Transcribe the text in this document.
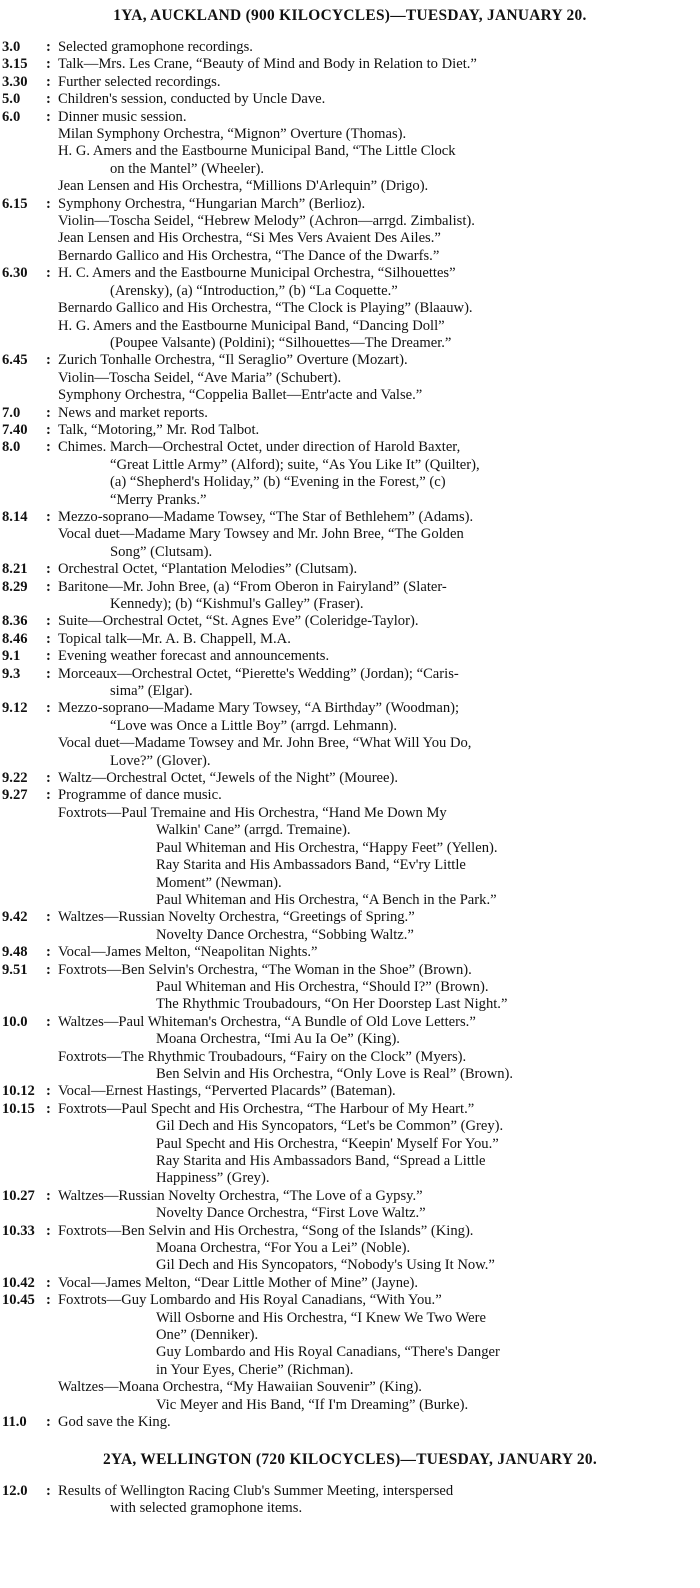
1YA, AUCKLAND (900 KILOCYCLES)—TUESDAY, JANUARY 20.
3.0 : Selected gramophone recordings.
3.15 : Talk—Mrs. Les Crane, “Beauty of Mind and Body in Relation to Diet.”
3.30 : Further selected recordings.
5.0 : Children's session, conducted by Uncle Dave.
6.0 : Dinner music session.
Milan Symphony Orchestra, “Mignon” Overture (Thomas).
H. G. Amers and the Eastbourne Municipal Band, “The Little Clock
on the Mantel” (Wheeler).
Jean Lensen and His Orchestra, “Millions D'Arlequin” (Drigo).
6.15 : Symphony Orchestra, “Hungarian March” (Berlioz).
Violin—Toscha Seidel, “Hebrew Melody” (Achron—arrgd. Zimbalist).
Jean Lensen and His Orchestra, “Si Mes Vers Avaient Des Ailes.”
Bernardo Gallico and His Orchestra, “The Dance of the Dwarfs.”
6.30 : H. C. Amers and the Eastbourne Municipal Orchestra, “Silhouettes”
(Arensky), (a) “Introduction,” (b) “La Coquette.”
Bernardo Gallico and His Orchestra, “The Clock is Playing” (Blaauw).
H. G. Amers and the Eastbourne Municipal Band, “Dancing Doll”
(Poupee Valsante) (Poldini); “Silhouettes—The Dreamer.”
6.45 : Zurich Tonhalle Orchestra, “Il Seraglio” Overture (Mozart).
Violin—Toscha Seidel, “Ave Maria” (Schubert).
Symphony Orchestra, “Coppelia Ballet—Entr'acte and Valse.”
7.0 : News and market reports.
7.40 : Talk, “Motoring,” Mr. Rod Talbot.
8.0 : Chimes. March—Orchestral Octet, under direction of Harold Baxter,
“Great Little Army” (Alford); suite, “As You Like It” (Quilter),
(a) “Shepherd's Holiday,” (b) “Evening in the Forest,” (c)
“Merry Pranks.”
8.14 : Mezzo-soprano—Madame Towsey, “The Star of Bethlehem” (Adams).
Vocal duet—Madame Mary Towsey and Mr. John Bree, “The Golden
Song” (Clutsam).
8.21 : Orchestral Octet, “Plantation Melodies” (Clutsam).
8.29 : Baritone—Mr. John Bree, (a) “From Oberon in Fairyland” (Slater-
Kennedy); (b) “Kishmul's Galley” (Fraser).
8.36 : Suite—Orchestral Octet, “St. Agnes Eve” (Coleridge-Taylor).
8.46 : Topical talk—Mr. A. B. Chappell, M.A.
9.1 : Evening weather forecast and announcements.
9.3 : Morceaux—Orchestral Octet, “Pierette's Wedding” (Jordan); “Caris-
sima” (Elgar).
9.12 : Mezzo-soprano—Madame Mary Towsey, “A Birthday” (Woodman);
“Love was Once a Little Boy” (arrgd. Lehmann).
Vocal duet—Madame Towsey and Mr. John Bree, “What Will You Do,
Love?” (Glover).
9.22 : Waltz—Orchestral Octet, “Jewels of the Night” (Mouree).
9.27 : Programme of dance music.
Foxtrots—Paul Tremaine and His Orchestra, “Hand Me Down My
Walkin' Cane” (arrgd. Tremaine).
Paul Whiteman and His Orchestra, “Happy Feet” (Yellen).
Ray Starita and His Ambassadors Band, “Ev'ry Little
Moment” (Newman).
Paul Whiteman and His Orchestra, “A Bench in the Park.”
9.42 : Waltzes—Russian Novelty Orchestra, “Greetings of Spring.”
Novelty Dance Orchestra, “Sobbing Waltz.”
9.48 : Vocal—James Melton, “Neapolitan Nights.”
9.51 : Foxtrots—Ben Selvin's Orchestra, “The Woman in the Shoe” (Brown).
Paul Whiteman and His Orchestra, “Should I?” (Brown).
The Rhythmic Troubadours, “On Her Doorstep Last Night.”
10.0 : Waltzes—Paul Whiteman's Orchestra, “A Bundle of Old Love Letters.”
Moana Orchestra, “Imi Au Ia Oe” (King).
Foxtrots—The Rhythmic Troubadours, “Fairy on the Clock” (Myers).
Ben Selvin and His Orchestra, “Only Love is Real” (Brown).
10.12 : Vocal—Ernest Hastings, “Perverted Placards” (Bateman).
10.15 : Foxtrots—Paul Specht and His Orchestra, “The Harbour of My Heart.”
Gil Dech and His Syncopators, “Let's be Common” (Grey).
Paul Specht and His Orchestra, “Keepin' Myself For You.”
Ray Starita and His Ambassadors Band, “Spread a Little
Happiness” (Grey).
10.27 : Waltzes—Russian Novelty Orchestra, “The Love of a Gypsy.”
Novelty Dance Orchestra, “First Love Waltz.”
10.33 : Foxtrots—Ben Selvin and His Orchestra, “Song of the Islands” (King).
Moana Orchestra, “For You a Lei” (Noble).
Gil Dech and His Syncopators, “Nobody's Using It Now.”
10.42 : Vocal—James Melton, “Dear Little Mother of Mine” (Jayne).
10.45 : Foxtrots—Guy Lombardo and His Royal Canadians, “With You.”
Will Osborne and His Orchestra, “I Knew We Two Were
One” (Denniker).
Guy Lombardo and His Royal Canadians, “There's Danger
in Your Eyes, Cherie” (Richman).
Waltzes—Moana Orchestra, “My Hawaiian Souvenir” (King).
Vic Meyer and His Band, “If I'm Dreaming” (Burke).
11.0 : God save the King.
2YA, WELLINGTON (720 KILOCYCLES)—TUESDAY, JANUARY 20.
12.0 : Results of Wellington Racing Club's Summer Meeting, interspersed
with selected gramophone items.
